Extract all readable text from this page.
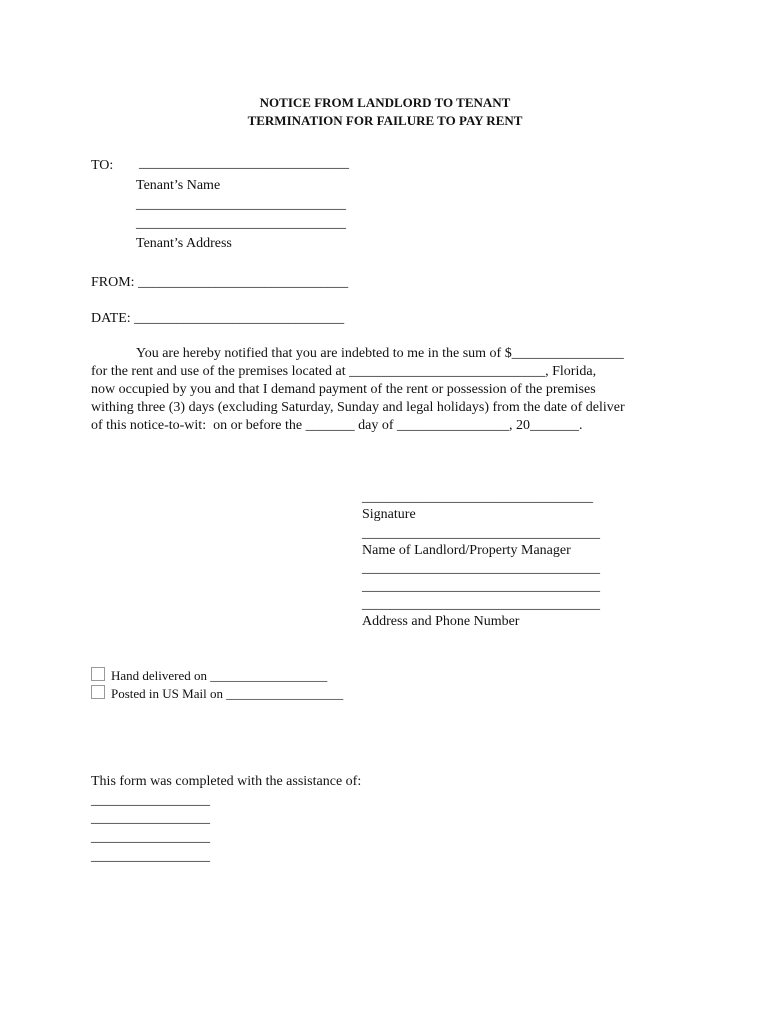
NOTICE FROM LANDLORD TO TENANT
TERMINATION FOR FAILURE TO PAY RENT
TO: ______________________________
Tenant’s Name
______________________________
______________________________
Tenant’s Address
FROM: ______________________________
DATE: ______________________________
You are hereby notified that you are indebted to me in the sum of $________________
for the rent and use of the premises located at ____________________________, Florida,
now occupied by you and that I demand payment of the rent or possession of the premises
withing three (3) days (excluding Saturday, Sunday and legal holidays) from the date of deliver
of this notice-to-wit:  on or before the _______ day of ________________, 20_______.
_________________________________
Signature
__________________________________
Name of Landlord/Property Manager
__________________________________
__________________________________
__________________________________
Address and Phone Number
Hand delivered on __________________
Posted in US Mail on __________________
This form was completed with the assistance of:
_________________
_________________
_________________
_________________
